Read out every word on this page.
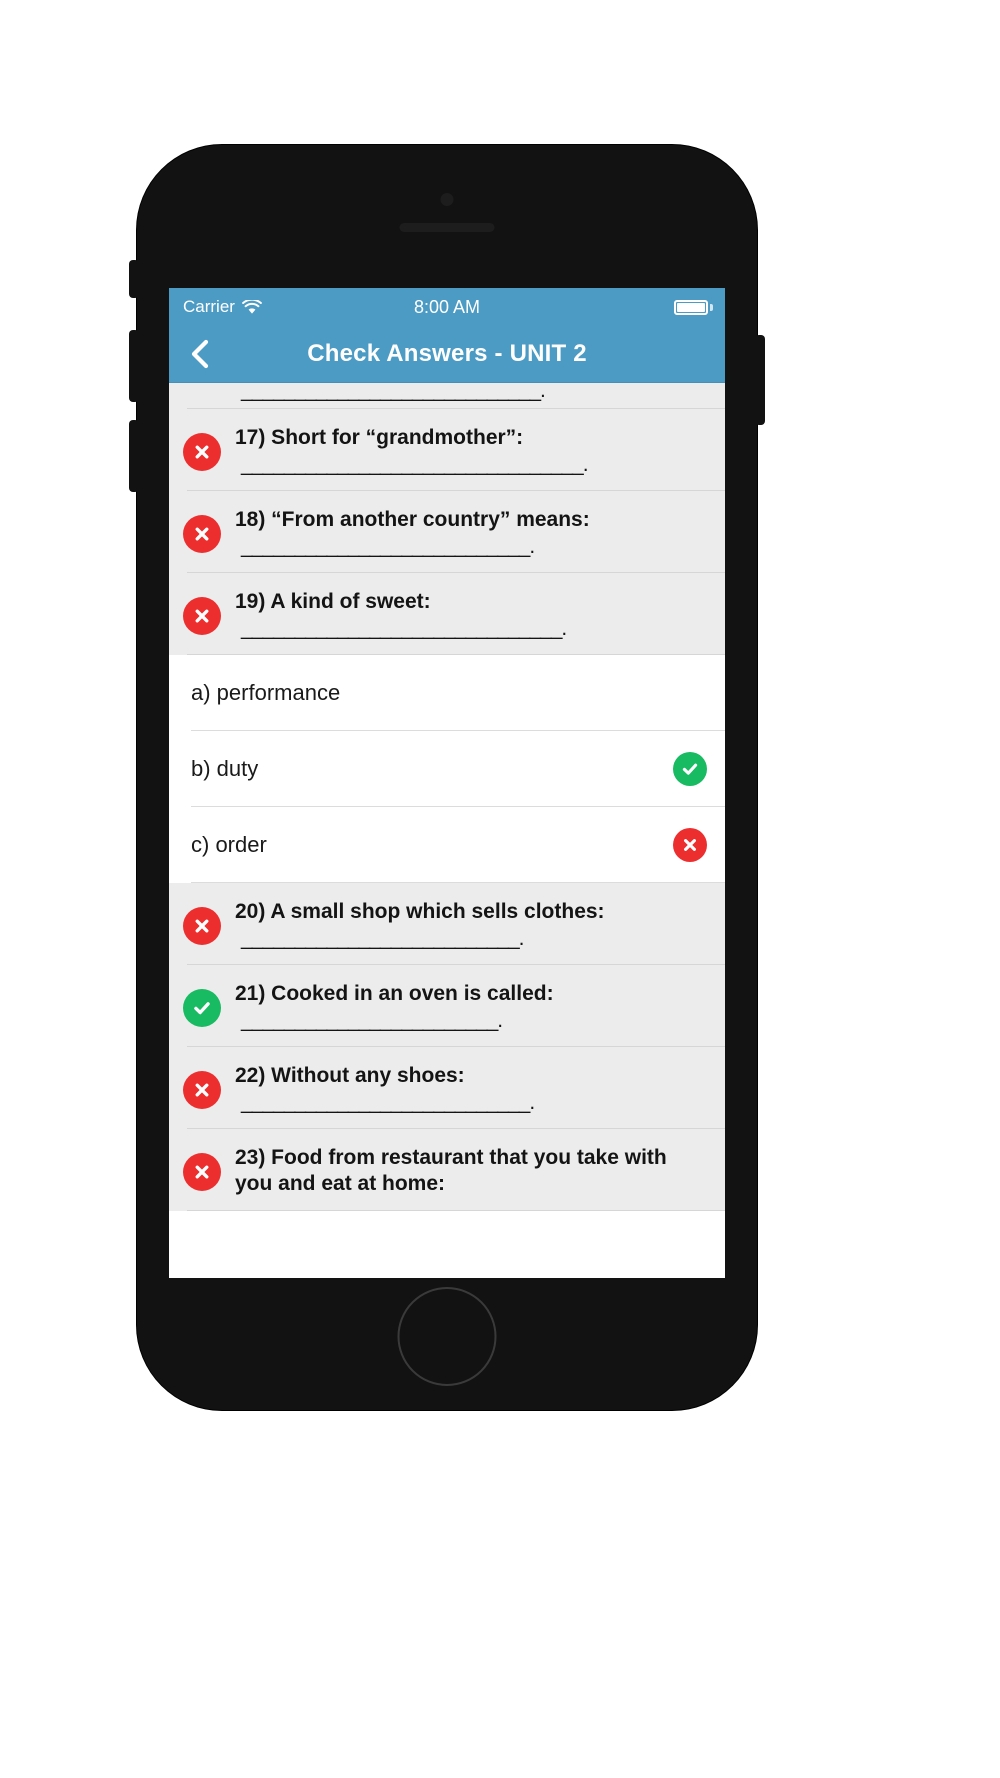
Carrier	8:00 AM
Check Answers - UNIT 2
____________________________.
17) Short for “grandmother”:
________________________________.
18) “From another country” means:
___________________________.
19) A kind of sweet:
______________________________.
a) performance
b) duty
c) order
20) A small shop which sells clothes:
__________________________.
21) Cooked in an oven is called:
________________________.
22) Without any shoes:
___________________________.
23) Food from restaurant that you take with you and eat at home:
